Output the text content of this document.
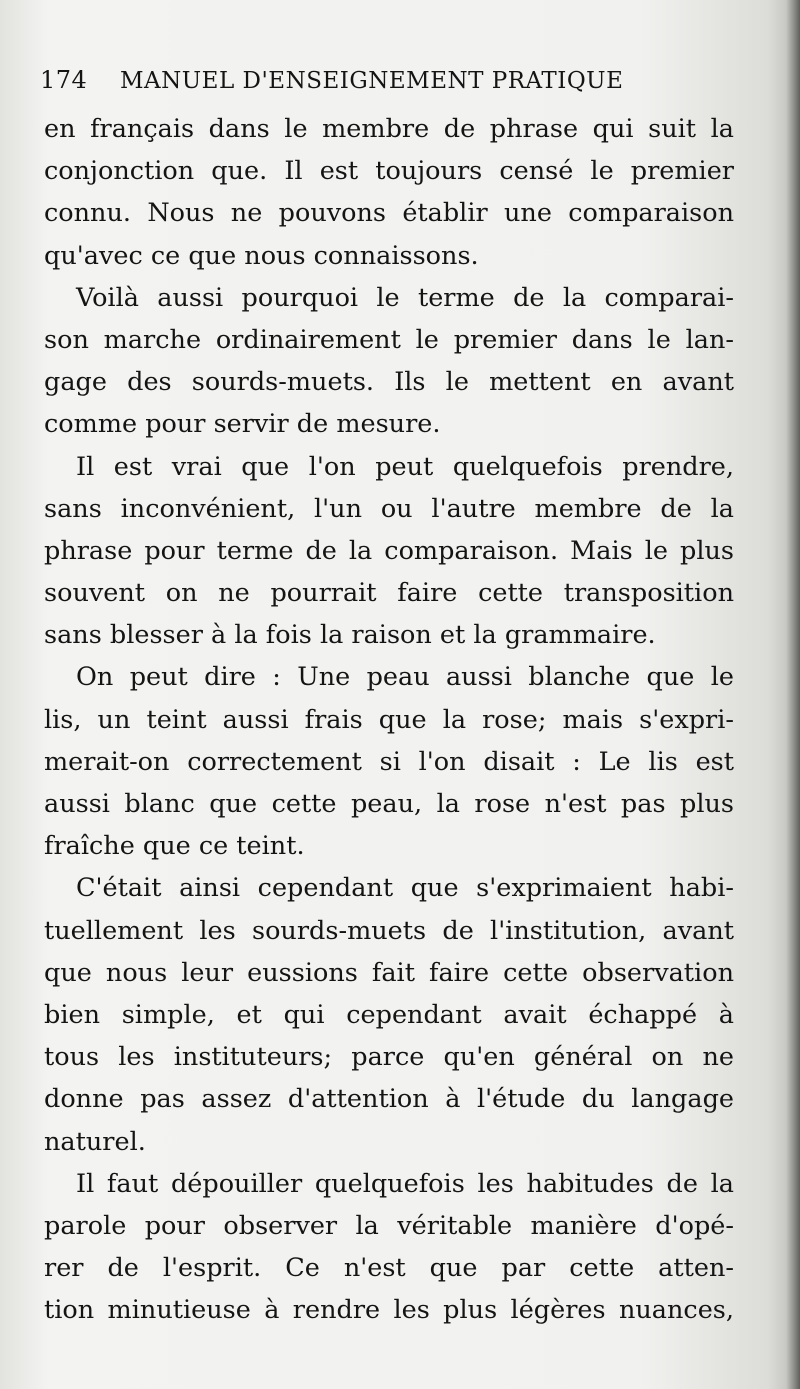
174 MANUEL D'ENSEIGNEMENT PRATIQUE
en français dans le membre de phrase qui suit la
conjonction que. Il est toujours censé le premier
connu. Nous ne pouvons établir une comparaison
qu'avec ce que nous connaissons.
Voilà aussi pourquoi le terme de la comparai-
son marche ordinairement le premier dans le lan-
gage des sourds-muets. Ils le mettent en avant
comme pour servir de mesure.
Il est vrai que l'on peut quelquefois prendre,
sans inconvénient, l'un ou l'autre membre de la
phrase pour terme de la comparaison. Mais le plus
souvent on ne pourrait faire cette transposition
sans blesser à la fois la raison et la grammaire.
On peut dire : Une peau aussi blanche que le
lis, un teint aussi frais que la rose; mais s'expri-
merait-on correctement si l'on disait : Le lis est
aussi blanc que cette peau, la rose n'est pas plus
fraîche que ce teint.
C'était ainsi cependant que s'exprimaient habi-
tuellement les sourds-muets de l'institution, avant
que nous leur eussions fait faire cette observation
bien simple, et qui cependant avait échappé à
tous les instituteurs; parce qu'en général on ne
donne pas assez d'attention à l'étude du langage
naturel.
Il faut dépouiller quelquefois les habitudes de la
parole pour observer la véritable manière d'opé-
rer de l'esprit. Ce n'est que par cette atten-
tion minutieuse à rendre les plus légères nuances,
